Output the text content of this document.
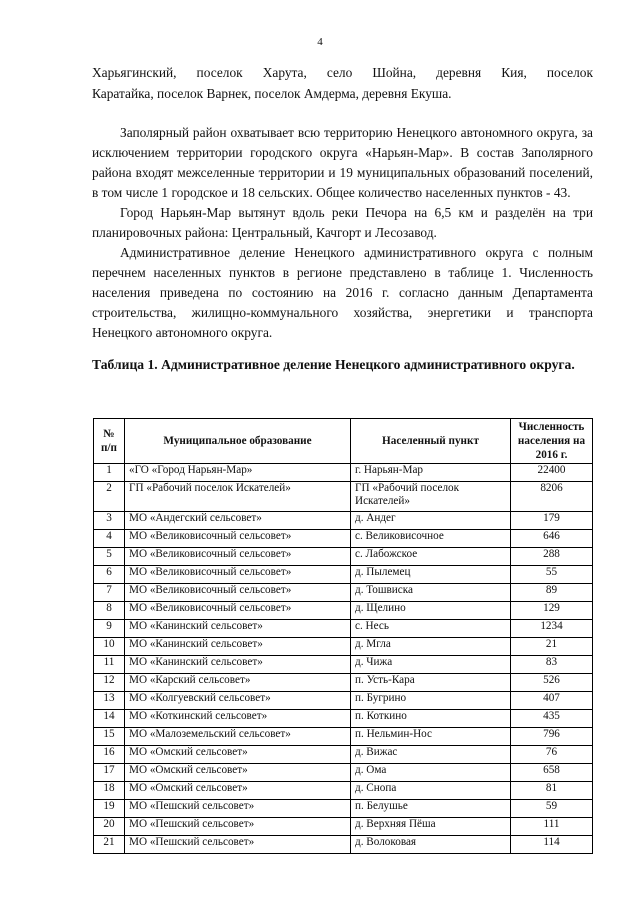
4
Харьягинский, поселок Харута, село Шойна, деревня Кия, поселок
Каратайка, поселок Варнек, поселок Амдерма, деревня Екуша.

Заполярный район охватывает всю территорию Ненецкого автономного округа, за исключением территории городского округа «Нарьян-Мар». В состав Заполярного района входят межселенные территории и 19 муниципальных образований поселений, в том числе 1 городское и 18 сельских. Общее количество населенных пунктов - 43.

Город Нарьян-Мар вытянут вдоль реки Печора на 6,5 км и разделён на три планировочных района: Центральный, Качгорт и Лесозавод.

Административное деление Ненецкого административного округа с полным перечнем населенных пунктов в регионе представлено в таблице 1. Численность населения приведена по состоянию на 2016 г. согласно данным Департамента строительства, жилищно-коммунального хозяйства, энергетики и транспорта Ненецкого автономного округа.

Таблица 1. Административное деление Ненецкого административного округа.
№ п/п	Муниципальное образование	Населенный пункт	Численность населения на 2016 г.
1	«ГО «Город Нарьян-Мар»	г. Нарьян-Мар	22400
2	ГП «Рабочий поселок Искателей»	ГП «Рабочий поселок Искателей»	8206
3	МО «Андегский сельсовет»	д. Андег	179
4	МО «Великовисочный сельсовет»	с. Великовисочное	646
5	МО «Великовисочный сельсовет»	с. Лабожское	288
6	МО «Великовисочный сельсовет»	д. Пылемец	55
7	МО «Великовисочный сельсовет»	д. Тошвиска	89
8	МО «Великовисочный сельсовет»	д. Щелино	129
9	МО «Канинский сельсовет»	с. Несь	1234
10	МО «Канинский сельсовет»	д. Мгла	21
11	МО «Канинский сельсовет»	д. Чижа	83
12	МО «Карский сельсовет»	п. Усть-Кара	526
13	МО «Колгуевский сельсовет»	п. Бугрино	407
14	МО «Коткинский сельсовет»	п. Коткино	435
15	МО «Малоземельский сельсовет»	п. Нельмин-Нос	796
16	МО «Омский сельсовет»	д. Вижас	76
17	МО «Омский сельсовет»	д. Ома	658
18	МО «Омский сельсовет»	д. Снопа	81
19	МО «Пешский сельсовет»	п. Белушье	59
20	МО «Пешский сельсовет»	д. Верхняя Пёша	111
21	МО «Пешский сельсовет»	д. Волоковая	114
